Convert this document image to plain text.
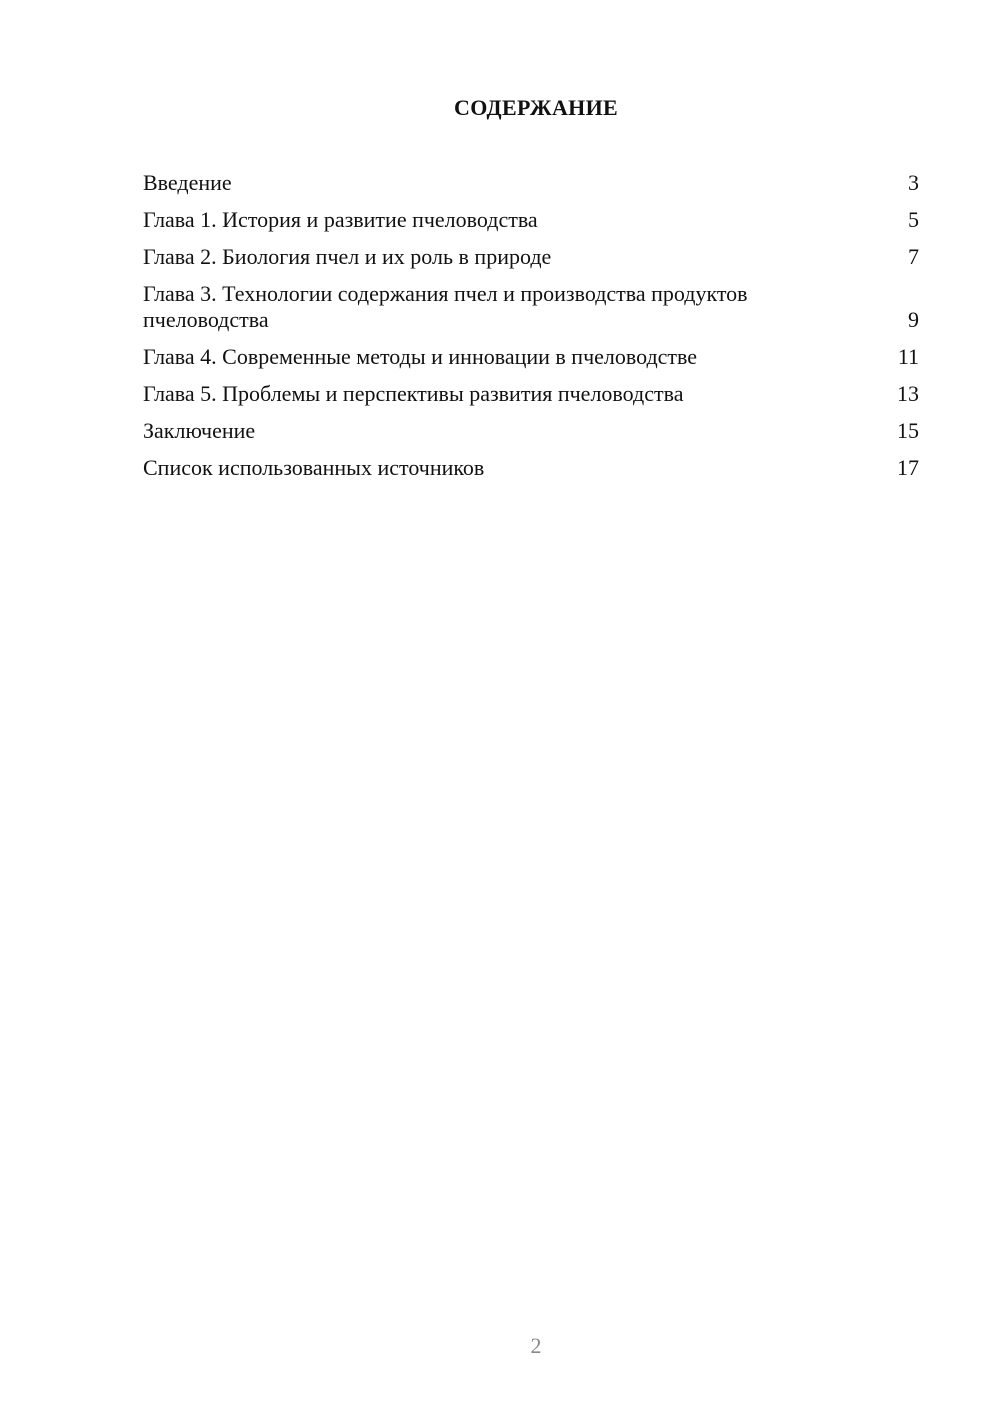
СОДЕРЖАНИЕ
Введение	3
Глава 1. История и развитие пчеловодства	5
Глава 2. Биология пчел и их роль в природе	7
Глава 3. Технологии содержания пчел и производства продуктов пчеловодства	9
Глава 4. Современные методы и инновации в пчеловодстве	11
Глава 5. Проблемы и перспективы развития пчеловодства	13
Заключение	15
Список использованных источников	17
2
